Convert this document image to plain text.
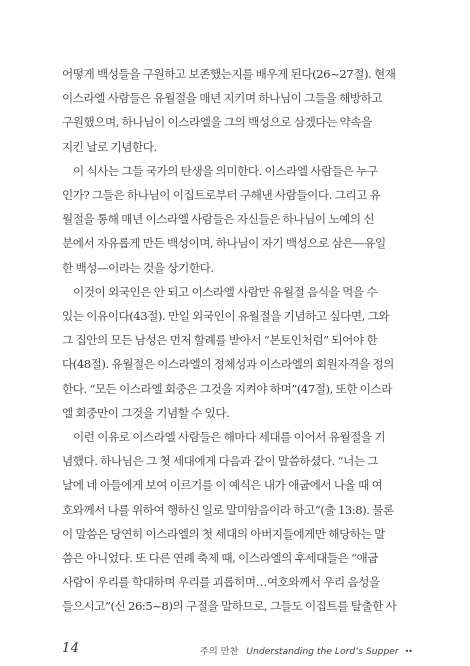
어떻게 백성들을 구원하고 보존했는지를 배우게 된다(26~27절). 현재
이스라엘 사람들은 유월절을 매년 지키며 하나님이 그들을 해방하고
구원했으며, 하나님이 이스라엘을 그의 백성으로 삼겠다는 약속을
지킨 날로 기념한다.

이 식사는 그들 국가의 탄생을 의미한다. 이스라엘 사람들은 누구
인가? 그들은 하나님이 이집트로부터 구해낸 사람들이다. 그리고 유
월절을 통해 매년 이스라엘 사람들은 자신들은 하나님이 노예의 신
분에서 자유롭게 만든 백성이며, 하나님이 자기 백성으로 삼은—유일
한 백성—이라는 것을 상기한다.

이것이 외국인은 안 되고 이스라엘 사람만 유월절 음식을 먹을 수
있는 이유이다(43절). 만일 외국인이 유월절을 기념하고 싶다면, 그와
그 집안의 모든 남성은 먼저 할례를 받아서 “본토인처럼” 되어야 한
다(48절). 유월절은 이스라엘의 정체성과 이스라엘의 회원자격을 정의
한다. “모든 이스라엘 회중은 그것을 지켜야 하며”(47절), 또한 이스라
엘 회중만이 그것을 기념할 수 있다.

이런 이유로 이스라엘 사람들은 해마다 세대를 이어서 유월절을 기
념했다. 하나님은 그 첫 세대에게 다음과 같이 말씀하셨다. “너는 그
날에 네 아들에게 보여 이르기를 이 예식은 내가 애굽에서 나올 때 여
호와께서 나를 위하여 행하신 일로 말미암음이라 하고”(출 13:8). 물론
이 말씀은 당연히 이스라엘의 첫 세대의 아버지들에게만 해당하는 말
씀은 아니었다. 또 다른 연례 축제 때, 이스라엘의 후세대들은 “애굽
사람이 우리를 학대하며 우리를 괴롭히며…여호와께서 우리 음성을
들으시고”(신 26:5~8)의 구절을 말하므로, 그들도 이집트를 탈출한 사

14	주의 만찬 Understanding the Lord’s Supper ••
